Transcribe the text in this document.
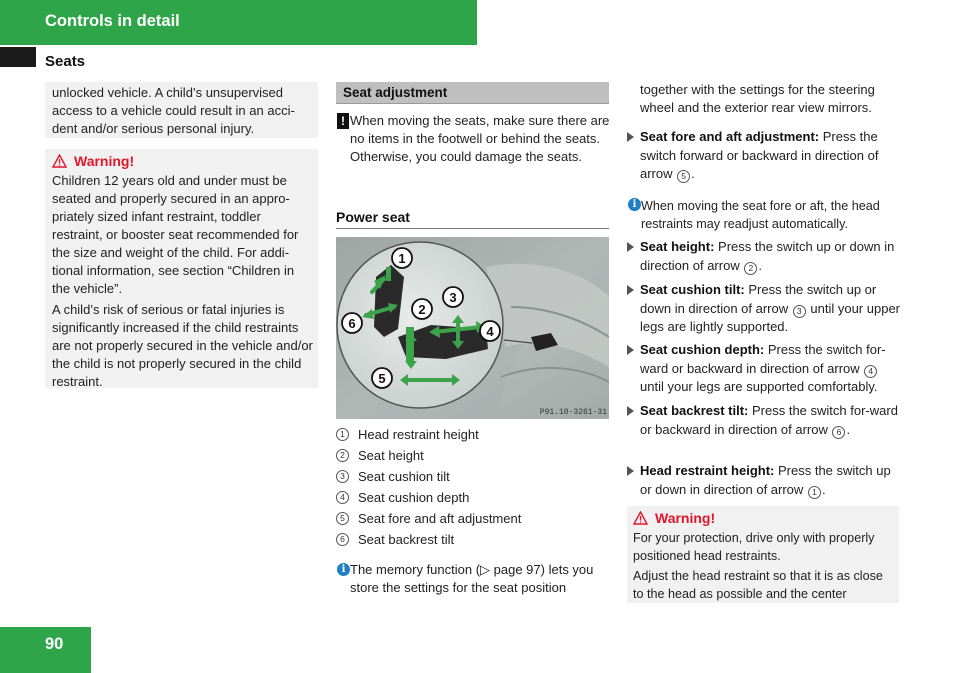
Controls in detail
Seats

unlocked vehicle. A child’s unsupervised access to a vehicle could result in an acci-dent and/or serious personal injury.

Warning!

Children 12 years old and under must be seated and properly secured in an appro-priately sized infant restraint, toddler restraint, or booster seat recommended for the size and weight of the child. For addi-tional information, see section “Children in the vehicle”.

A child’s risk of serious or fatal injuries is significantly increased if the child restraints are not properly secured in the vehicle and/or the child is not properly secured in the child restraint.

Seat adjustment
! When moving the seats, make sure there are no items in the footwell or behind the seats. Otherwise, you could damage the seats.
Power seat
1
2
3
4
5
6
P91.10-3261-31
1	Head restraint height
2	Seat height
3	Seat cushion tilt
4	Seat cushion depth
5	Seat fore and aft adjustment
6	Seat backrest tilt
i The memory function (▷ page 97) lets you store the settings for the seat position
together with the settings for the steering wheel and the exterior rear view mirrors.
Seat fore and aft adjustment: Press the switch forward or backward in direction of arrow 5 .
i When moving the seat fore or aft, the head restraints may readjust automatically.
Seat height: Press the switch up or down in direction of arrow 2 .
Seat cushion tilt: Press the switch up or down in direction of arrow 3 until your upper legs are lightly supported.
Seat cushion depth: Press the switch for-ward or backward in direction of arrow 4 until your legs are supported comfortably.
Seat backrest tilt: Press the switch for-ward or backward in direction of arrow 6 .
Head restraint height: Press the switch up or down in direction of arrow 1 .
Warning!

For your protection, drive only with properly positioned head restraints.

Adjust the head restraint so that it is as close to the head as possible and the center

90
